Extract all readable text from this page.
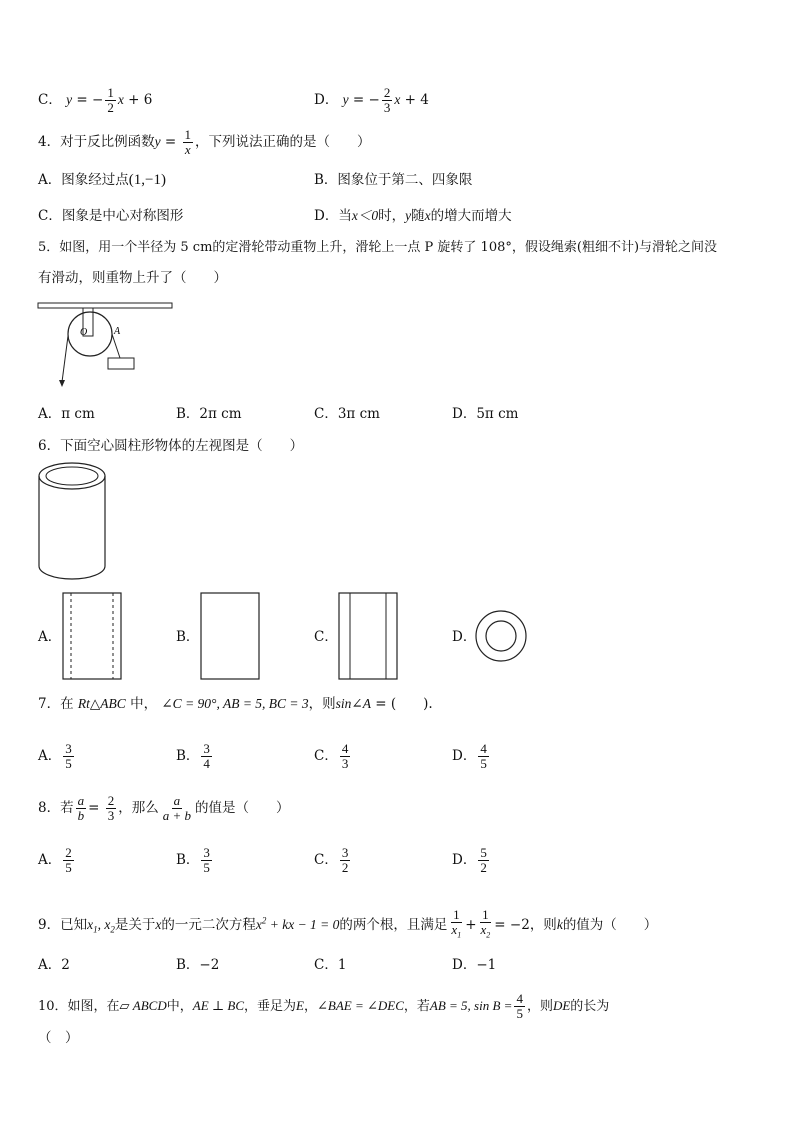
C． y = − $\frac{1}{2}$ x + 6	D． y = − $\frac{2}{3}$ x + 4
4．对于反比例函数$y = \frac{1}{x}$ ，下列说法正确的是（　　）
A．图象经过点(1,−1)	B．图象位于第二、四象限
C．图象是中心对称图形	D．当x＜0时，y随x的增大而增大
5．如图，用一个半径为 5 cm的定滑轮带动重物上升，滑轮上一点 P 旋转了 108°，假设绳索(粗细不计)与滑轮之间没
有滑动，则重物上升了（　　）
O	A
A．π cm	B．2π cm	C．3π cm	D．5π cm
6．下面空心圆柱形物体的左视图是（　　）
A．	B．	C．	D．
7．在 Rt△ABC 中， ∠C = 90°, AB = 5, BC = 3，则sin∠A = (　　).
A． $\frac{3}{5}$	B． $\frac{3}{4}$	C． $\frac{4}{3}$	D． $\frac{4}{5}$
8．若 $\frac{a}{b} = \frac{2}{3}$ ，那么 $\frac{a}{a + b}$ 的值是（　　）
A． $\frac{2}{5}$	B． $\frac{3}{5}$	C． $\frac{3}{2}$	D． $\frac{5}{2}$
9．已知$x_1$, $x_2$是关于x的一元二次方程$x^2$ + kx − 1 = 0的两个根，且满足 $\frac{1}{x_1} + \frac{1}{x_2} = -2$，则k的值为（　　）
A．2	B．−2	C．1	D．−1
10．如图，在▱ ABCD中，AE ⊥ BC，垂足为E，∠BAE = ∠DEC，若AB = 5, $\sin B = \frac{4}{5}$ ，则DE的长为
（　）
